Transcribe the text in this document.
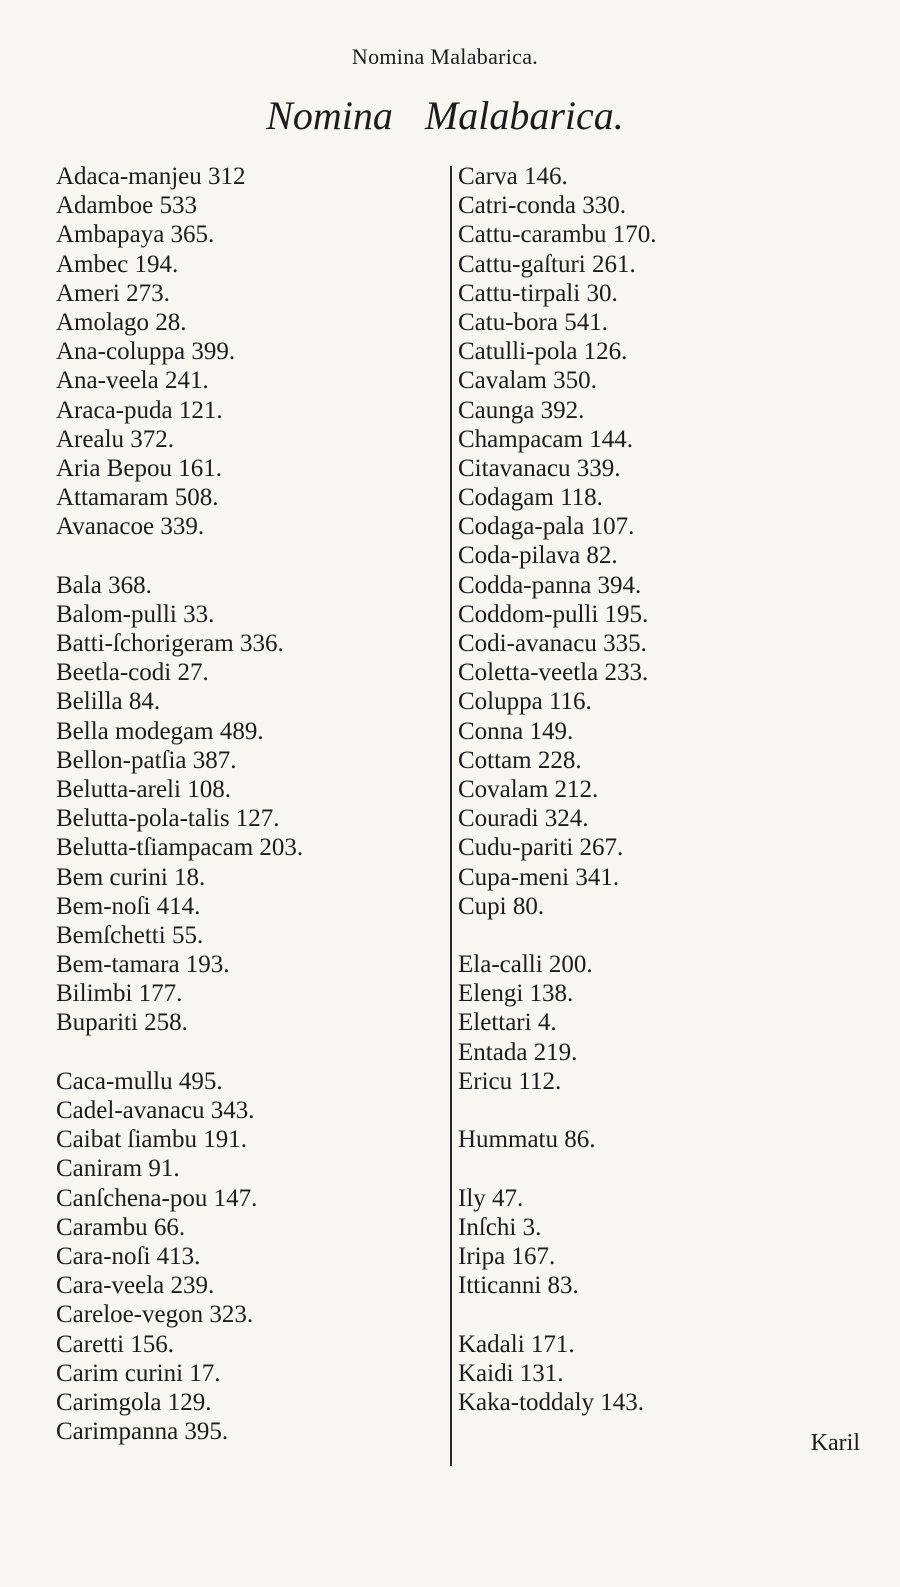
Nomina Malabarica.
Nomina Malabarica.
Adaca-manjeu 312
Adamboe 533
Ambapaya 365.
Ambec 194.
Ameri 273.
Amolago 28.
Ana-coluppa 399.
Ana-veela 241.
Araca-puda 121.
Arealu 372.
Aria Bepou 161.
Attamaram 508.
Avanacoe 339.
Bala 368.
Balom-pulli 33.
Batti-ſchorigeram 336.
Beetla-codi 27.
Belilla 84.
Bella modegam 489.
Bellon-patſia 387.
Belutta-areli 108.
Belutta-pola-talis 127.
Belutta-tſiampacam 203.
Bem curini 18.
Bem-noſi 414.
Bemſchetti 55.
Bem-tamara 193.
Bilimbi 177.
Bupariti 258.
Caca-mullu 495.
Cadel-avanacu 343.
Caibat ſiambu 191.
Caniram 91.
Canſchena-pou 147.
Carambu 66.
Cara-noſi 413.
Cara-veela 239.
Careloe-vegon 323.
Caretti 156.
Carim curini 17.
Carimgola 129.
Carimpanna 395.
Carva 146.
Catri-conda 330.
Cattu-carambu 170.
Cattu-gaſturi 261.
Cattu-tirpali 30.
Catu-bora 541.
Catulli-pola 126.
Cavalam 350.
Caunga 392.
Champacam 144.
Citavanacu 339.
Codagam 118.
Codaga-pala 107.
Coda-pilava 82.
Codda-panna 394.
Coddom-pulli 195.
Codi-avanacu 335.
Coletta-veetla 233.
Coluppa 116.
Conna 149.
Cottam 228.
Covalam 212.
Couradi 324.
Cudu-pariti 267.
Cupa-meni 341.
Cupi 80.
Ela-calli 200.
Elengi 138.
Elettari 4.
Entada 219.
Ericu 112.
Hummatu 86.
Ily 47.
Inſchi 3.
Iripa 167.
Itticanni 83.
Kadali 171.
Kaidi 131.
Kaka-toddaly 143.
Karil
